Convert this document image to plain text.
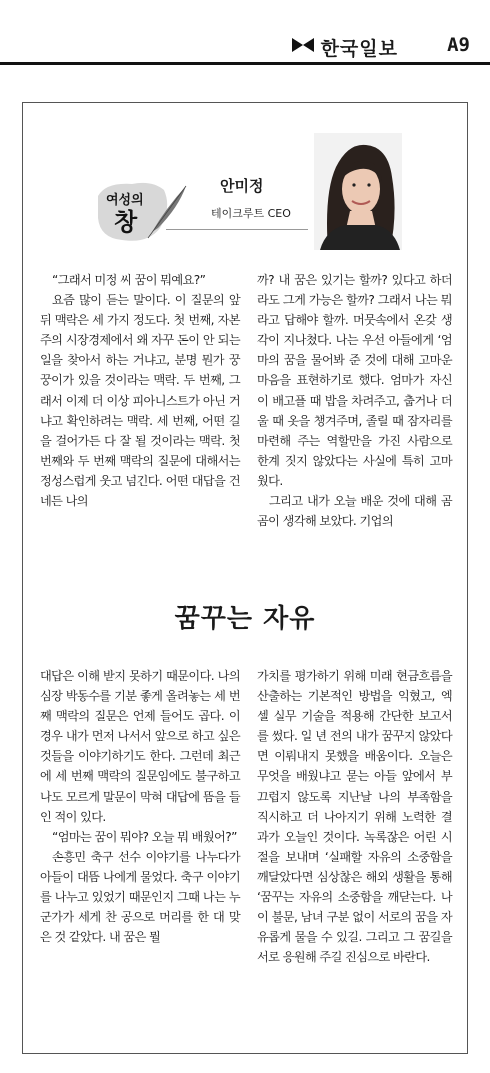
한국일보	A9
여성의
창
안미정
테이크루트 CEO

“그래서 미정 씨 꿈이 뭐예요?”

요즘 많이 듣는 말이다. 이 질문의 앞뒤 맥락은 세 가지 정도다. 첫 번째, 자본주의 시장경제에서 왜 자꾸 돈이 안 되는 일을 찾아서 하는 거냐고, 분명 뭔가 꿍꿍이가 있을 것이라는 맥락. 두 번째, 그래서 이제 더 이상 피아니스트가 아닌 거냐고 확인하려는 맥락. 세 번째, 어떤 길을 걸어가든 다 잘 될 것이라는 맥락. 첫 번째와 두 번째 맥락의 질문에 대해서는 정성스럽게 웃고 넘긴다. 어떤 대답을 건네든 나의

까? 내 꿈은 있기는 할까? 있다고 하더라도 그게 가능은 할까? 그래서 나는 뭐라고 답해야 할까. 머뭇속에서 온갖 생각이 지나쳤다. 나는 우선 아들에게 ‘엄마의 꿈을 물어봐 준 것에 대해 고마운 마음을 표현하기로 했다. 엄마가 자신이 배고플 때 밥을 차려주고, 춥거나 더울 때 옷을 챙겨주며, 졸릴 때 잠자리를 마련해 주는 역할만을 가진 사람으로 한계 짓지 않았다는 사실에 특히 고마웠다.

그리고 내가 오늘 배운 것에 대해 곰곰이 생각해 보았다. 기업의

꿈꾸는 자유

대답은 이해 받지 못하기 때문이다. 나의 심장 박동수를 기분 좋게 올려놓는 세 번째 맥락의 질문은 언제 들어도 곱다. 이 경우 내가 먼저 나서서 앞으로 하고 싶은 것들을 이야기하기도 한다. 그런데 최근에 세 번째 맥락의 질문임에도 불구하고 나도 모르게 말문이 막혀 대답에 뜸을 들인 적이 있다.

“엄마는 꿈이 뭐야? 오늘 뭐 배웠어?”

손흥민 축구 선수 이야기를 나누다가 아들이 대뜸 나에게 물었다. 축구 이야기를 나누고 있었기 때문인지 그때 나는 누군가가 세게 찬 공으로 머리를 한 대 맞은 것 같았다. 내 꿈은 뭘

가치를 평가하기 위해 미래 현금흐름을 산출하는 기본적인 방법을 익혔고, 엑셀 실무 기술을 적용해 간단한 보고서를 썼다. 일 년 전의 내가 꿈꾸지 않았다면 이뤄내지 못했을 배움이다. 오늘은 무엇을 배웠냐고 묻는 아들 앞에서 부끄럽지 않도록 지난날 나의 부족함을 직시하고 더 나아지기 위해 노력한 결과가 오늘인 것이다. 녹록잖은 어린 시절을 보내며 ‘실패할 자유의 소중함을 깨달았다면 심상찮은 해외 생활을 통해 ‘꿈꾸는 자유의 소중함을 깨닫는다. 나이 불문, 남녀 구분 없이 서로의 꿈을 자유롭게 물을 수 있길. 그리고 그 꿈길을 서로 응원해 주길 진심으로 바란다.
